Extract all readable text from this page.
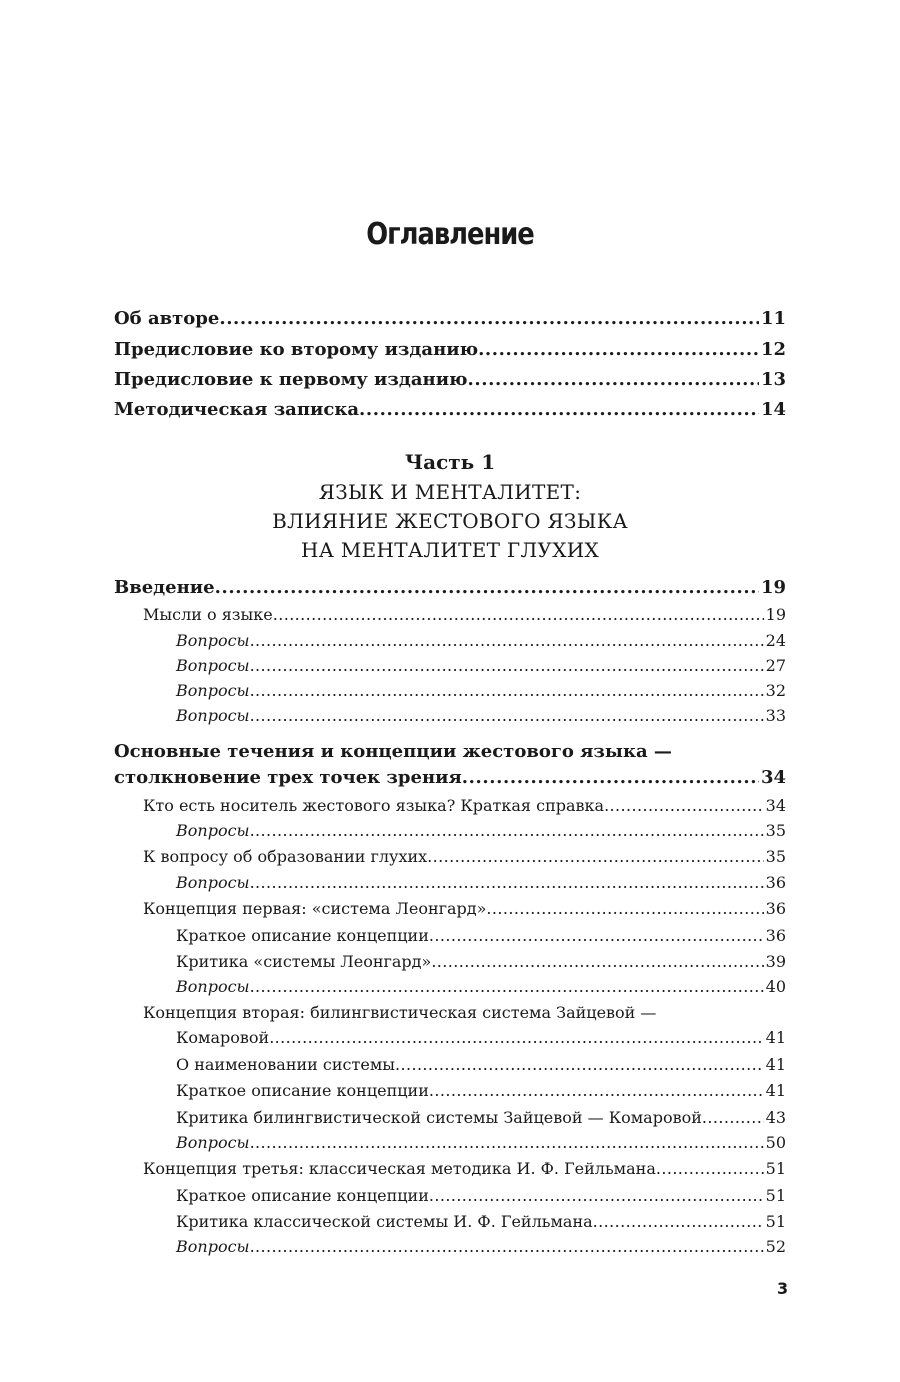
Оглавление
Об авторе .....	11
Предисловие ко второму изданию .....	12
Предисловие к первому изданию .....	13
Методическая записка .....	14
Часть 1
ЯЗЫК И МЕНТАЛИТЕТ:
ВЛИЯНИЕ ЖЕСТОВОГО ЯЗЫКА
НА МЕНТАЛИТЕТ ГЛУХИХ
Введение .....	19
Мысли о языке .....	19
Вопросы .....	24
Вопросы .....	27
Вопросы .....	32
Вопросы .....	33
Основные течения и концепции жестового языка —
столкновение трех точек зрения .....	34
Кто есть носитель жестового языка? Краткая справка .....	34
Вопросы .....	35
К вопросу об образовании глухих .....	35
Вопросы .....	36
Концепция первая: «система Леонгард» .....	36
Краткое описание концепции .....	36
Критика «системы Леонгард» .....	39
Вопросы .....	40
Концепция вторая: билингвистическая система Зайцевой —
Комаровой .....	41
О наименовании системы .....	41
Краткое описание концепции .....	41
Критика билингвистической системы Зайцевой — Комаровой .....	43
Вопросы .....	50
Концепция третья: классическая методика И. Ф. Гейльмана .....	51
Краткое описание концепции .....	51
Критика классической системы И. Ф. Гейльмана .....	51
Вопросы .....	52
3
